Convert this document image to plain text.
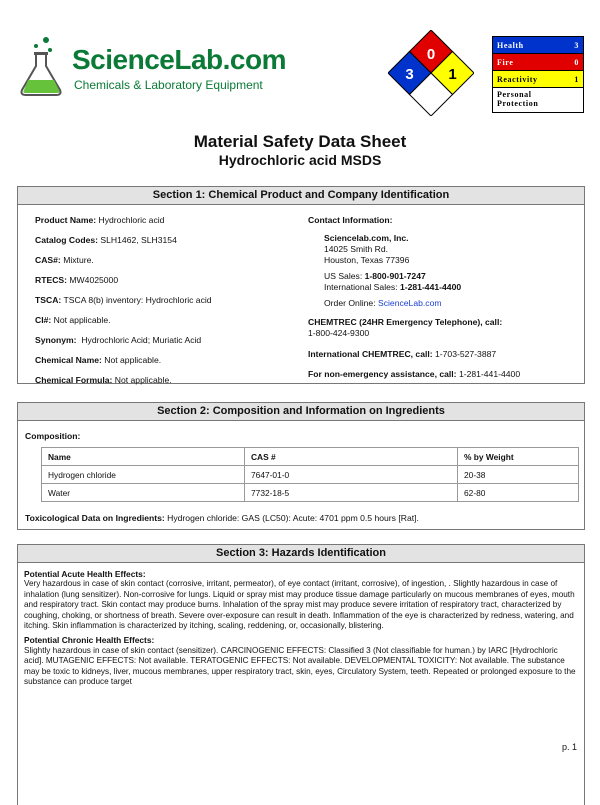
ScienceLab.com
Chemicals & Laboratory Equipment
0
3 1
Health	3
Fire	0
Reactivity	1
Personal
Protection
Material Safety Data Sheet
Hydrochloric acid MSDS
Section 1: Chemical Product and Company Identification

Product Name: Hydrochloric acid

Catalog Codes: SLH1462, SLH3154

CAS#: Mixture.

RTECS: MW4025000

TSCA: TSCA 8(b) inventory: Hydrochloric acid

CI#: Not applicable.

Synonym: Hydrochloric Acid; Muriatic Acid

Chemical Name: Not applicable.

Chemical Formula: Not applicable.

Contact Information:

Sciencelab.com, Inc.

14025 Smith Rd.

Houston, Texas 77396

US Sales: 1-800-901-7247

International Sales: 1-281-441-4400

Order Online: ScienceLab.com

CHEMTREC (24HR Emergency Telephone), call:

1-800-424-9300

International CHEMTREC, call: 1-703-527-3887

For non-emergency assistance, call: 1-281-441-4400

Section 2: Composition and Information on Ingredients
Composition:
Name	CAS #	% by Weight
Hydrogen chloride	7647-01-0	20-38
Water	7732-18-5	62-80
Toxicological Data on Ingredients: Hydrogen chloride: GAS (LC50): Acute: 4701 ppm 0.5 hours [Rat].
Section 3: Hazards Identification
Potential Acute Health Effects:

Very hazardous in case of skin contact (corrosive, irritant, permeator), of eye contact (irritant, corrosive), of ingestion, . Slightly hazardous in case of inhalation (lung sensitizer). Non-corrosive for lungs. Liquid or spray mist may produce tissue damage particularly on mucous membranes of eyes, mouth and respiratory tract. Skin contact may produce burns. Inhalation of the spray mist may produce severe irritation of respiratory tract, characterized by coughing, choking, or shortness of breath. Severe over-exposure can result in death. Inflammation of the eye is characterized by redness, watering, and itching. Skin inflammation is characterized by itching, scaling, reddening, or, occasionally, blistering.

Potential Chronic Health Effects:

Slightly hazardous in case of skin contact (sensitizer). CARCINOGENIC EFFECTS: Classified 3 (Not classifiable for human.) by IARC [Hydrochloric acid]. MUTAGENIC EFFECTS: Not available. TERATOGENIC EFFECTS: Not available. DEVELOPMENTAL TOXICITY: Not available. The substance may be toxic to kidneys, liver, mucous membranes, upper respiratory tract, skin, eyes, Circulatory System, teeth. Repeated or prolonged exposure to the substance can produce target

p. 1
